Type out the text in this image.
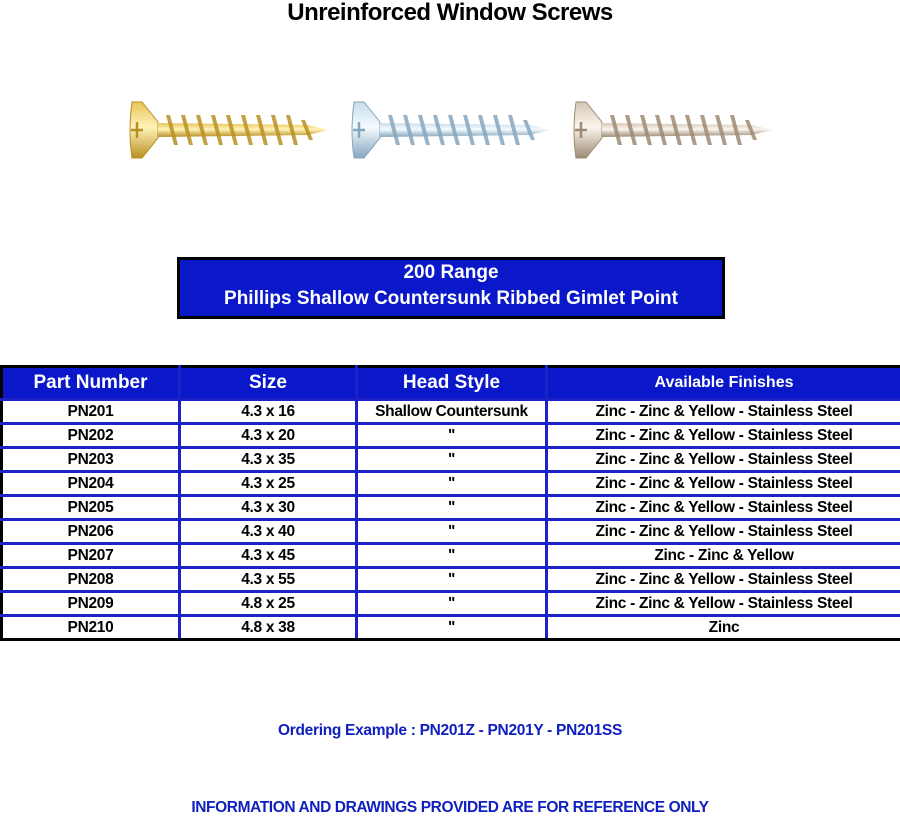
Unreinforced Window Screws
200 Range
Phillips Shallow Countersunk Ribbed Gimlet Point
Part Number	Size	Head Style	Available Finishes
PN201	4.3 x 16	Shallow Countersunk	Zinc - Zinc & Yellow - Stainless Steel
PN202	4.3 x 20	"	Zinc - Zinc & Yellow - Stainless Steel
PN203	4.3 x 35	"	Zinc - Zinc & Yellow - Stainless Steel
PN204	4.3 x 25	"	Zinc - Zinc & Yellow - Stainless Steel
PN205	4.3 x 30	"	Zinc - Zinc & Yellow - Stainless Steel
PN206	4.3 x 40	"	Zinc - Zinc & Yellow - Stainless Steel
PN207	4.3 x 45	"	Zinc - Zinc & Yellow
PN208	4.3 x 55	"	Zinc - Zinc & Yellow - Stainless Steel
PN209	4.8 x 25	"	Zinc - Zinc & Yellow - Stainless Steel
PN210	4.8 x 38	"	Zinc
Ordering Example : PN201Z - PN201Y - PN201SS
INFORMATION AND DRAWINGS PROVIDED ARE FOR REFERENCE ONLY
